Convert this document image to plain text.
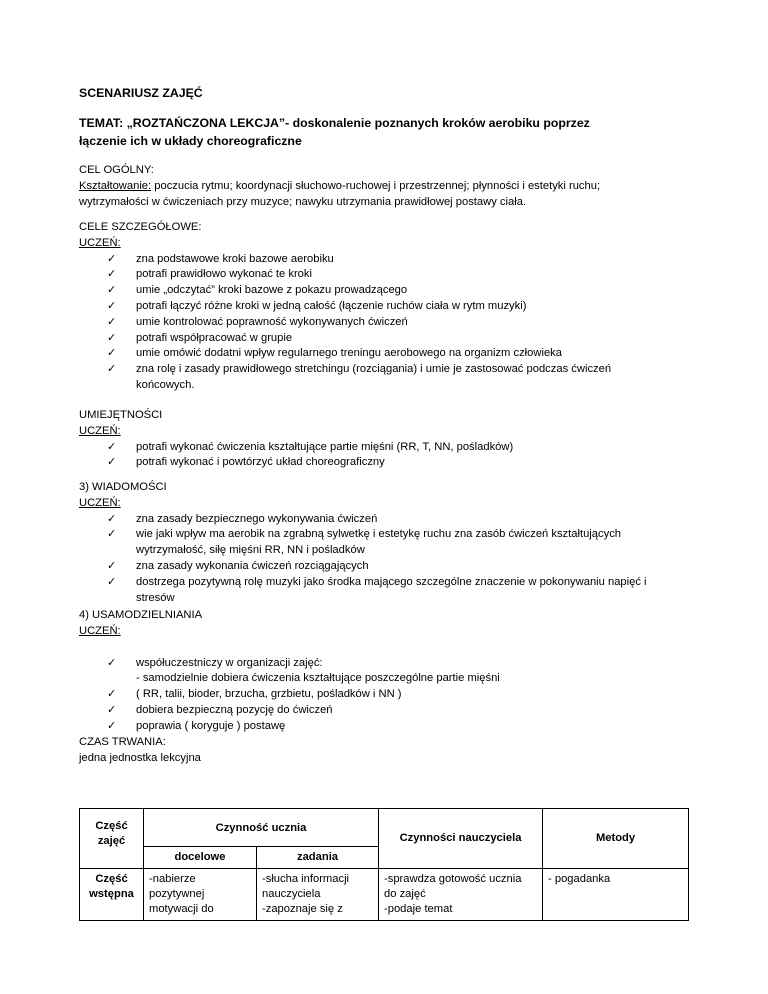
SCENARIUSZ ZAJĘĆ

TEMAT: „ROZTAŃCZONA LEKCJA”- doskonalenie poznanych kroków aerobiku poprzez
łączenie ich w układy choreograficzne

CEL OGÓLNY:

Kształtowanie: poczucia rytmu; koordynacji słuchowo-ruchowej i przestrzennej; płynności i estetyki ruchu;

wytrzymałości w ćwiczeniach przy muzyce; nawyku utrzymania prawidłowej postawy ciała.

CELE SZCZEGÓŁOWE:

UCZEŃ:

✓ zna podstawowe kroki bazowe aerobiku
✓ potrafi prawidłowo wykonać te kroki
✓ umie „odczytać” kroki bazowe z pokazu prowadzącego
✓ potrafi łączyć różne kroki w jedną całość (łączenie ruchów ciała w rytm muzyki)
✓ umie kontrolować poprawność wykonywanych ćwiczeń
✓ potrafi współpracować w grupie
✓ umie omówić dodatni wpływ regularnego treningu aerobowego na organizm człowieka
✓ zna rolę i zasady prawidłowego stretchingu (rozciągania) i umie je zastosować podczas ćwiczeń
końcowych.

UMIEJĘTNOŚCI

UCZEŃ:

✓ potrafi wykonać ćwiczenia kształtujące partie mięśni (RR, T, NN, pośladków)
✓ potrafi wykonać i powtórzyć układ choreograficzny

3) WIADOMOŚCI

UCZEŃ:

✓ zna zasady bezpiecznego wykonywania ćwiczeń
✓ wie jaki wpływ ma aerobik na zgrabną sylwetkę i estetykę ruchu zna zasób ćwiczeń kształtujących
wytrzymałość, siłę mięśni RR, NN i pośladków
✓ zna zasady wykonania ćwiczeń rozciągających
✓ dostrzega pozytywną rolę muzyki jako środka mającego szczególne znaczenie w pokonywaniu napięć i
stresów

4) USAMODZIELNIANIA

UCZEŃ:

✓ współuczestniczy w organizacji zajęć:
- samodzielnie dobiera ćwiczenia kształtujące poszczególne partie mięśni
✓ ( RR, talii, bioder, brzucha, grzbietu, pośladków i NN )
✓ dobiera bezpieczną pozycję do ćwiczeń
✓ poprawia ( koryguje ) postawę

CZAS TRWANIA:

jedna jednostka lekcyjna

Część
zajęć	Czynność ucznia		Czynności nauczyciela	Metody
	docelowe	zadania		
Część
wstępna	-nabierze
pozytywnej
motywacji do	-słucha informacji
nauczyciela
-zapoznaje się z	-sprawdza gotowość ucznia
do zajęć
-podaje temat	- pogadanka
